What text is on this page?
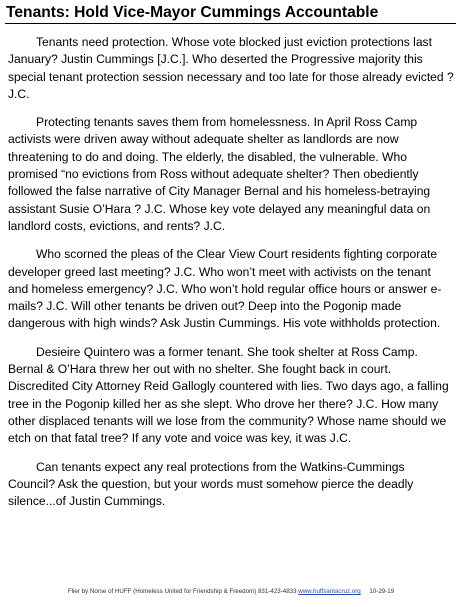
Tenants: Hold Vice-Mayor Cummings Accountable

Tenants need protection. Whose vote blocked just eviction protections last January? Justin Cummings [J.C.]. Who deserted the Progressive majority this special tenant protection session necessary and too late for those already evicted ? J.C.

Protecting tenants saves them from homelessness. In April Ross Camp activists were driven away without adequate shelter as landlords are now threatening to do and doing. The elderly, the disabled, the vulnerable. Who promised “no evictions from Ross without adequate shelter? Then obediently followed the false narrative of City Manager Bernal and his homeless-betraying assistant Susie O’Hara ? J.C. Whose key vote delayed any meaningful data on landlord costs, evictions, and rents? J.C.

Who scorned the pleas of the Clear View Court residents fighting corporate developer greed last meeting? J.C. Who won’t meet with activists on the tenant and homeless emergency? J.C. Who won’t hold regular office hours or answer e-mails? J.C. Will other tenants be driven out? Deep into the Pogonip made dangerous with high winds? Ask Justin Cummings. His vote withholds protection.

Desieire Quintero was a former tenant. She took shelter at Ross Camp. Bernal & O’Hara threw her out with no shelter. She fought back in court. Discredited City Attorney Reid Gallogly countered with lies. Two days ago, a falling tree in the Pogonip killed her as she slept. Who drove her there? J.C. How many other displaced tenants will we lose from the community? Whose name should we etch on that fatal tree? If any vote and voice was key, it was J.C.

Can tenants expect any real protections from the Watkins-Cummings Council? Ask the question, but your words must somehow pierce the deadly silence...of Justin Cummings.

Flier by Norse of HUFF (Homeless United for Friendship & Freedom) 831-423-4833 www.huffsantacruz.org 10-29-19
